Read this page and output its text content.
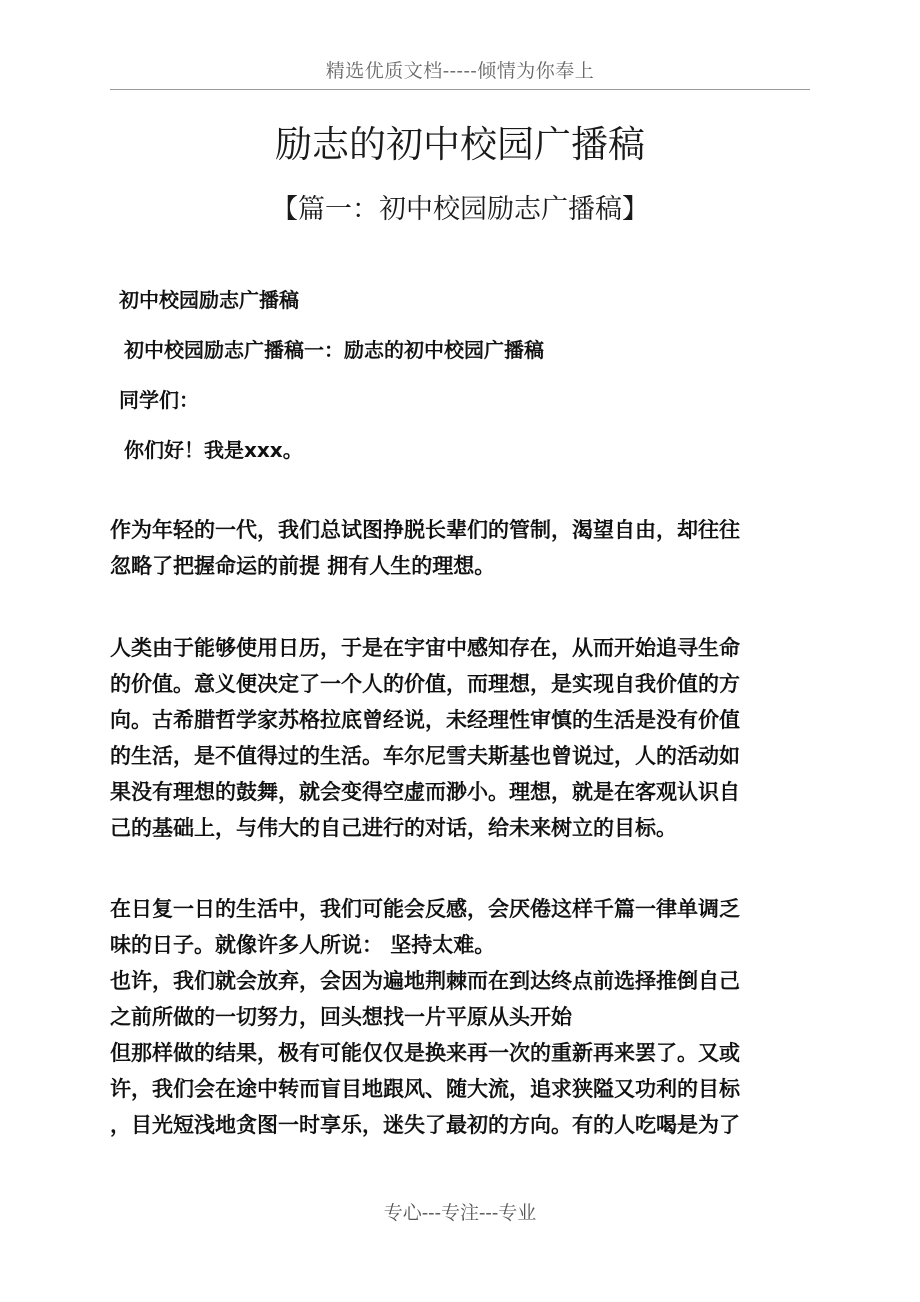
精选优质文档-----倾情为你奉上
励志的初中校园广播稿
【篇一：初中校园励志广播稿】
初中校园励志广播稿
初中校园励志广播稿一：励志的初中校园广播稿
同学们：
你们好！我是xxx。
作为年轻的一代，我们总试图挣脱长辈们的管制，渴望自由，却往往
忽略了把握命运的前提 拥有人生的理想。
人类由于能够使用日历，于是在宇宙中感知存在，从而开始追寻生命
的价值。意义便决定了一个人的价值，而理想，是实现自我价值的方
向。古希腊哲学家苏格拉底曾经说，未经理性审慎的生活是没有价值
的生活，是不值得过的生活。车尔尼雪夫斯基也曾说过，人的活动如
果没有理想的鼓舞，就会变得空虚而渺小。理想，就是在客观认识自
己的基础上，与伟大的自己进行的对话，给未来树立的目标。
在日复一日的生活中，我们可能会反感，会厌倦这样千篇一律单调乏
味的日子。就像许多人所说： 坚持太难。
也许，我们就会放弃，会因为遍地荆棘而在到达终点前选择推倒自己
之前所做的一切努力，回头想找一片平原从头开始
但那样做的结果，极有可能仅仅是换来再一次的重新再来罢了。又或
许，我们会在途中转而盲目地跟风、随大流，追求狭隘又功利的目标
，目光短浅地贪图一时享乐，迷失了最初的方向。有的人吃喝是为了
专心---专注---专业
